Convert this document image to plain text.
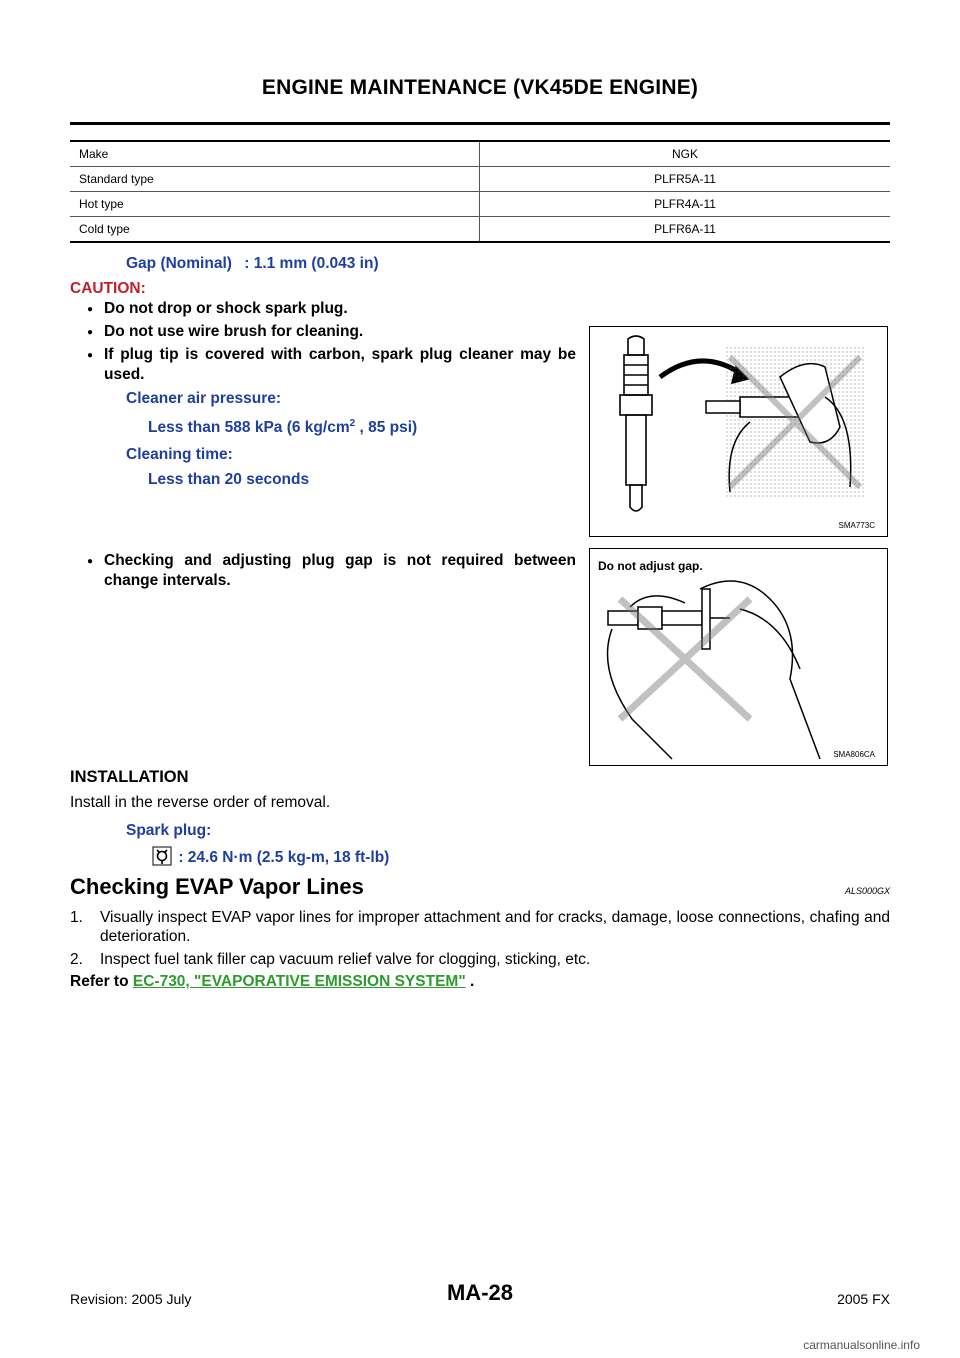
ENGINE MAINTENANCE (VK45DE ENGINE)
Make	NGK
Standard type	PLFR5A-11
Hot type	PLFR4A-11
Cold type	PLFR6A-11
Gap (Nominal) : 1.1 mm (0.043 in)
CAUTION:
● Do not drop or shock spark plug.
● Do not use wire brush for cleaning.
● If plug tip is covered with carbon, spark plug cleaner may be used.
Cleaner air pressure:
Less than 588 kPa (6 $kg/cm^2$ , 85 psi)
Cleaning time:
Less than 20 seconds
● Checking and adjusting plug gap is not required between change intervals.
SMA773C
Do not adjust gap.
SMA806CA
INSTALLATION
Install in the reverse order of removal.
Spark plug:
: 24.6 N·m (2.5 kg-m, 18 ft-lb)
Checking EVAP Vapor Lines	ALS000GX
1. Visually inspect EVAP vapor lines for improper attachment and for cracks, damage, loose connections, chafing and deterioration.
2. Inspect fuel tank filler cap vacuum relief valve for clogging, sticking, etc.
Refer to EC-730, "EVAPORATIVE EMISSION SYSTEM" .
Revision: 2005 July	MA-28	2005 FX
carmanualsonline.info
